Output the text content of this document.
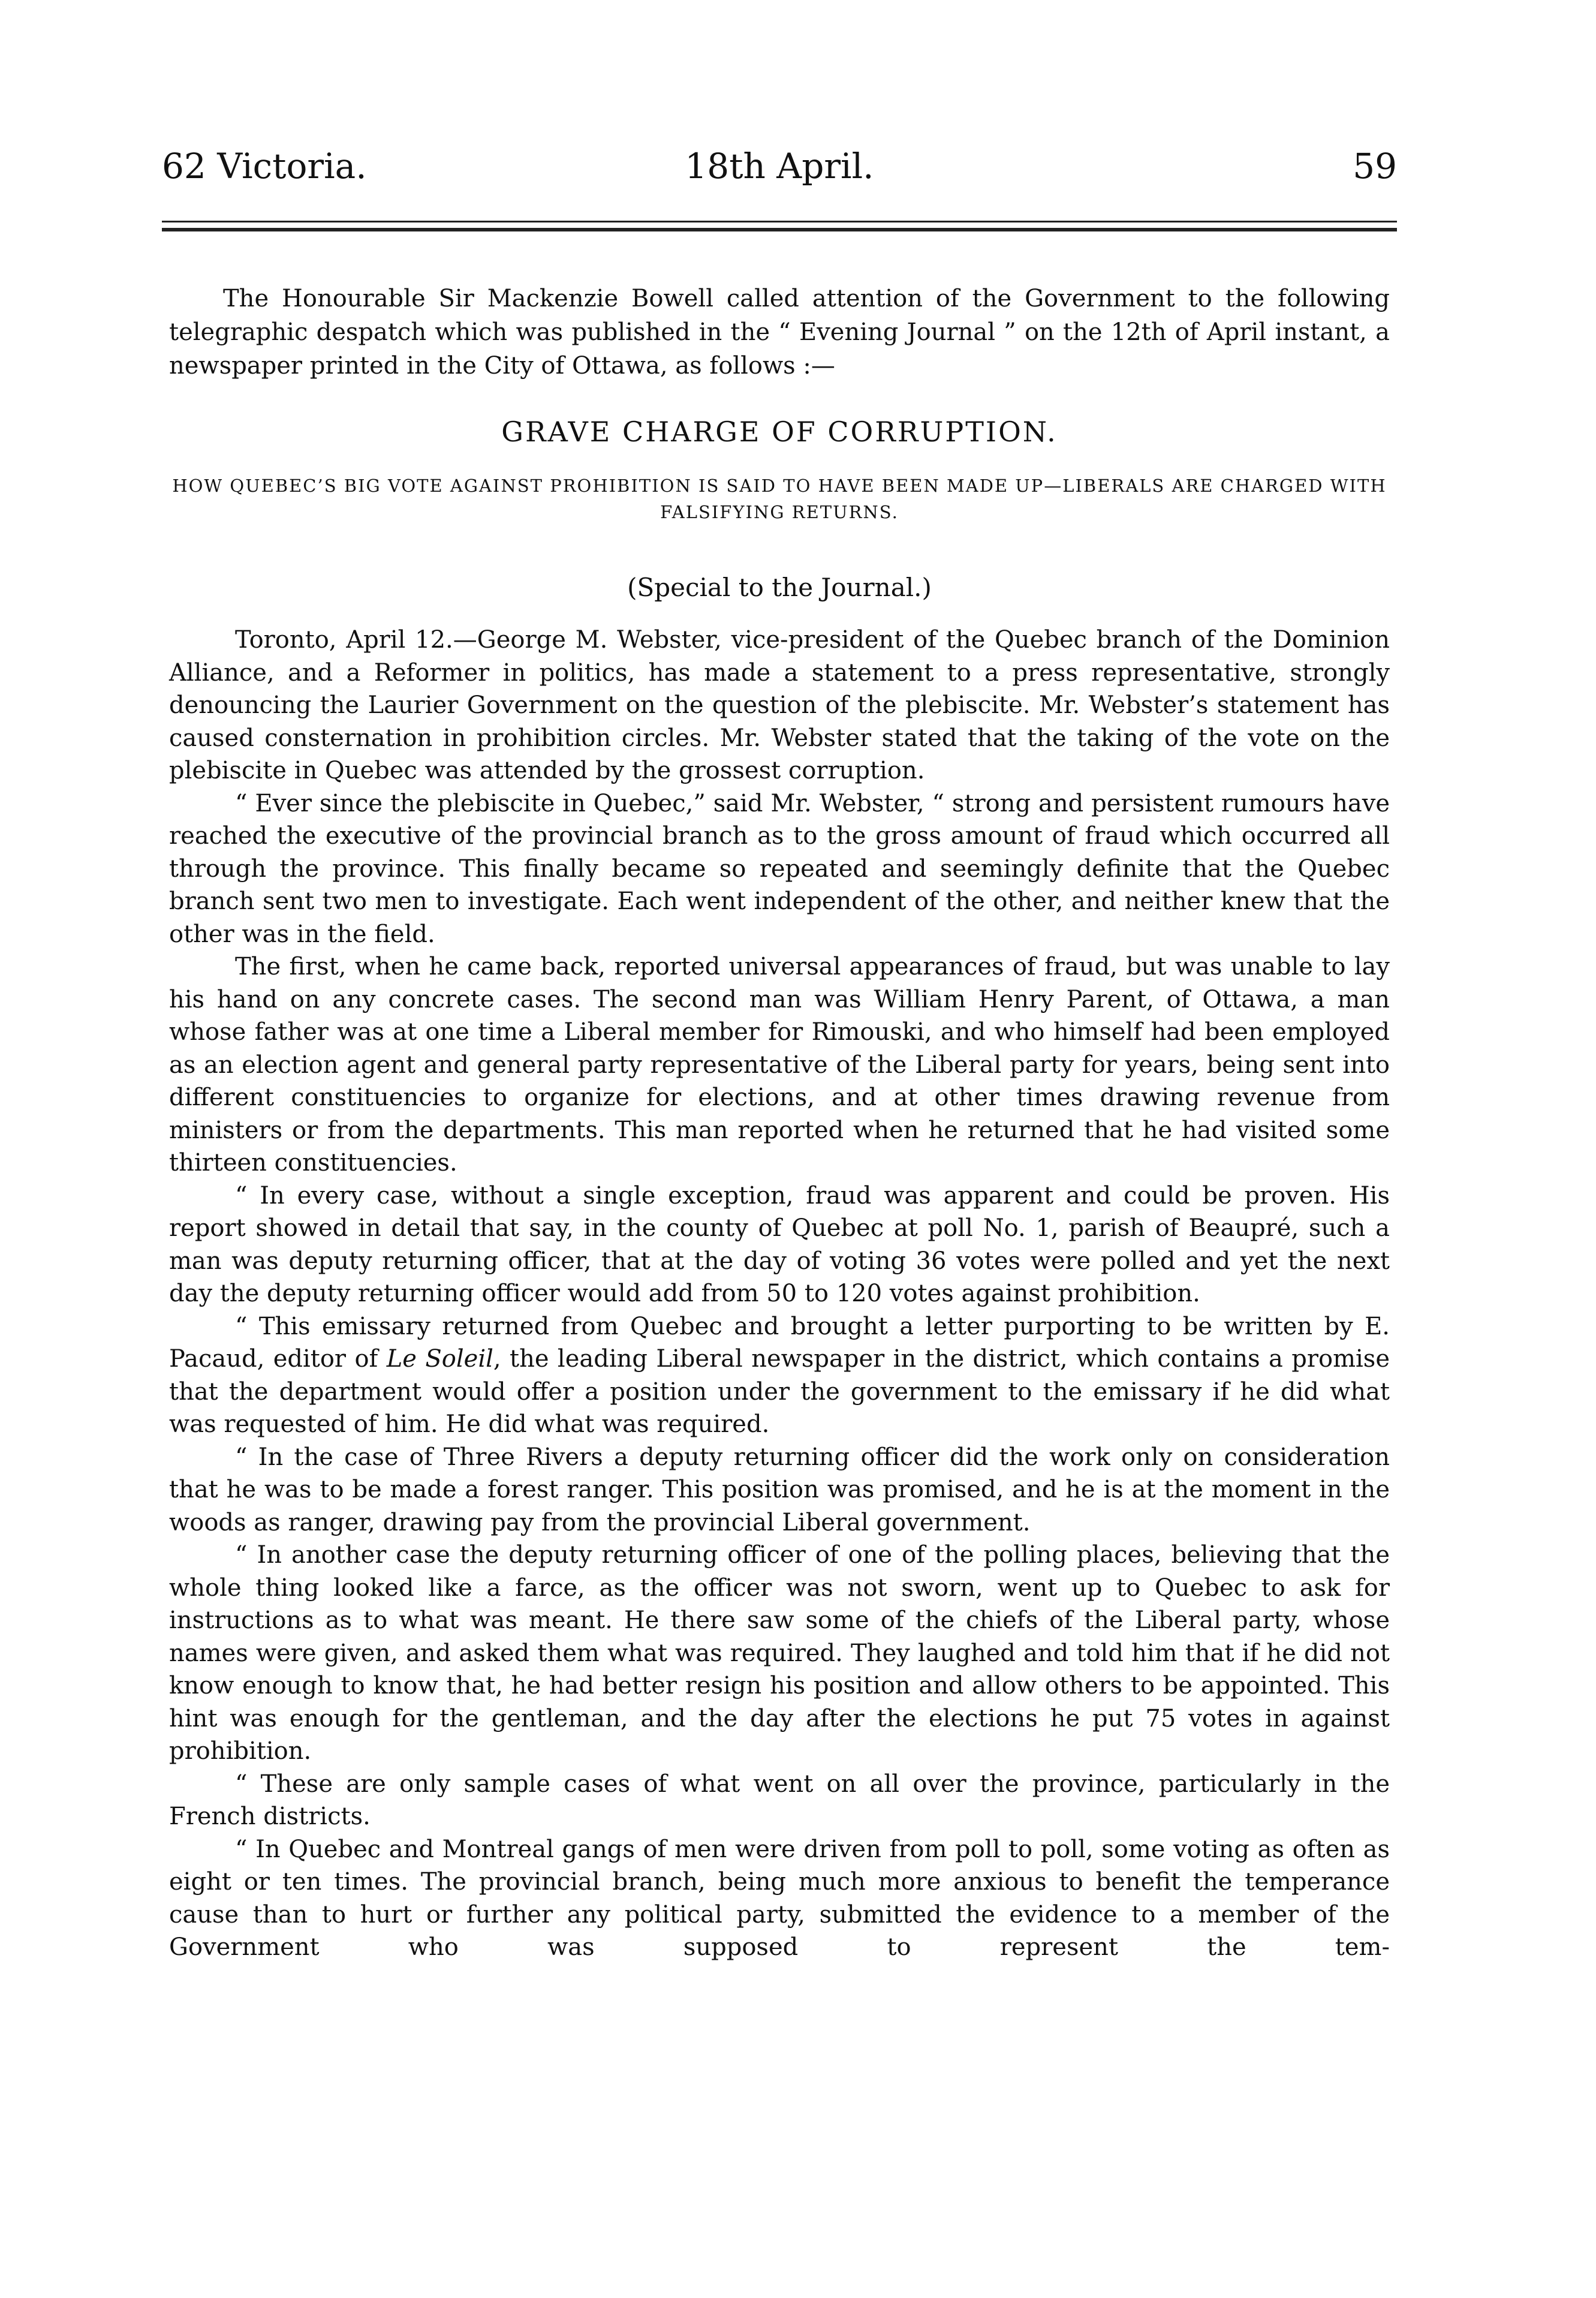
62 Victoria.	18th April.	59

The Honourable Sir Mackenzie Bowell called attention of the Government to the following telegraphic despatch which was published in the “ Evening Journal ” on the 12th of April instant, a newspaper printed in the City of Ottawa, as follows :—

GRAVE CHARGE OF CORRUPTION.
HOW QUEBEC’S BIG VOTE AGAINST PROHIBITION IS SAID TO HAVE BEEN MADE UP—LIBERALS ARE CHARGED WITH FALSIFYING RETURNS.
(Special to the Journal.)

Toronto, April 12.—George M. Webster, vice-president of the Quebec branch of the Dominion Alliance, and a Reformer in politics, has made a statement to a press representative, strongly denouncing the Laurier Government on the question of the plebiscite. Mr. Webster’s statement has caused consternation in prohibition circles. Mr. Webster stated that the taking of the vote on the plebiscite in Quebec was attended by the grossest corruption.

“ Ever since the plebiscite in Quebec,” said Mr. Webster, “ strong and persistent rumours have reached the executive of the provincial branch as to the gross amount of fraud which occurred all through the province. This finally became so repeated and seemingly definite that the Quebec branch sent two men to investigate. Each went independent of the other, and neither knew that the other was in the field.

The first, when he came back, reported universal appearances of fraud, but was unable to lay his hand on any concrete cases. The second man was William Henry Parent, of Ottawa, a man whose father was at one time a Liberal member for Rimouski, and who himself had been employed as an election agent and general party representative of the Liberal party for years, being sent into different constituencies to organize for elections, and at other times drawing revenue from ministers or from the departments. This man reported when he returned that he had visited some thirteen constituencies.

“ In every case, without a single exception, fraud was apparent and could be proven. His report showed in detail that say, in the county of Quebec at poll No. 1, parish of Beaupré, such a man was deputy returning officer, that at the day of voting 36 votes were polled and yet the next day the deputy returning officer would add from 50 to 120 votes against prohibition.

“ This emissary returned from Quebec and brought a letter purporting to be written by E. Pacaud, editor of Le Soleil, the leading Liberal newspaper in the district, which contains a promise that the department would offer a position under the government to the emissary if he did what was requested of him. He did what was required.

“ In the case of Three Rivers a deputy returning officer did the work only on consideration that he was to be made a forest ranger. This position was promised, and he is at the moment in the woods as ranger, drawing pay from the provincial Liberal government.

“ In another case the deputy returning officer of one of the polling places, believing that the whole thing looked like a farce, as the officer was not sworn, went up to Quebec to ask for instructions as to what was meant. He there saw some of the chiefs of the Liberal party, whose names were given, and asked them what was required. They laughed and told him that if he did not know enough to know that, he had better resign his position and allow others to be appointed. This hint was enough for the gentleman, and the day after the elections he put 75 votes in against prohibition.

“ These are only sample cases of what went on all over the province, particularly in the French districts.

“ In Quebec and Montreal gangs of men were driven from poll to poll, some voting as often as eight or ten times. The provincial branch, being much more anxious to benefit the temperance cause than to hurt or further any political party, submitted the evidence to a member of the Government who was supposed to represent the tem-
